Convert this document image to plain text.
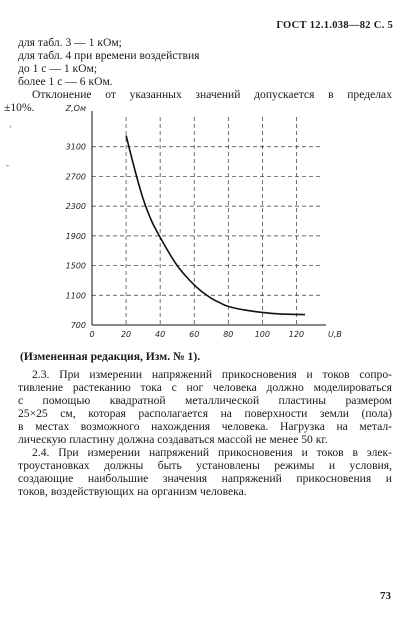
ГОСТ 12.1.038—82 С. 5
для табл. 3 — 1 кОм;
для табл. 4 при времени воздействия
до 1 с — 1 кОм;
более 1 с — 6 кОм.
Отклонение от указанных значений допускается в пределах
±10%.
'
-
700
1100
1500
1900
2300
2700
3100
0	20	40	60	80	100 120
Z,Ом
U,B
(Измененная редакция, Изм. № 1).
2.3. При измерении напряжений прикосновения и токов сопро-
тивление растеканию тока с ног человека должно моделироваться
с помощью квадратной металлической пластины размером
25×25 см, которая располагается на поверхности земли (пола)
в местах возможного нахождения человека. Нагрузка на метал-
лическую пластину должна создаваться массой не менее 50 кг.
2.4. При измерении напряжений прикосновения и токов в элек-
троустановках должны быть установлены режимы и условия,
создающие наибольшие значения напряжений прикосновения и
токов, воздействующих на организм человека.
73
